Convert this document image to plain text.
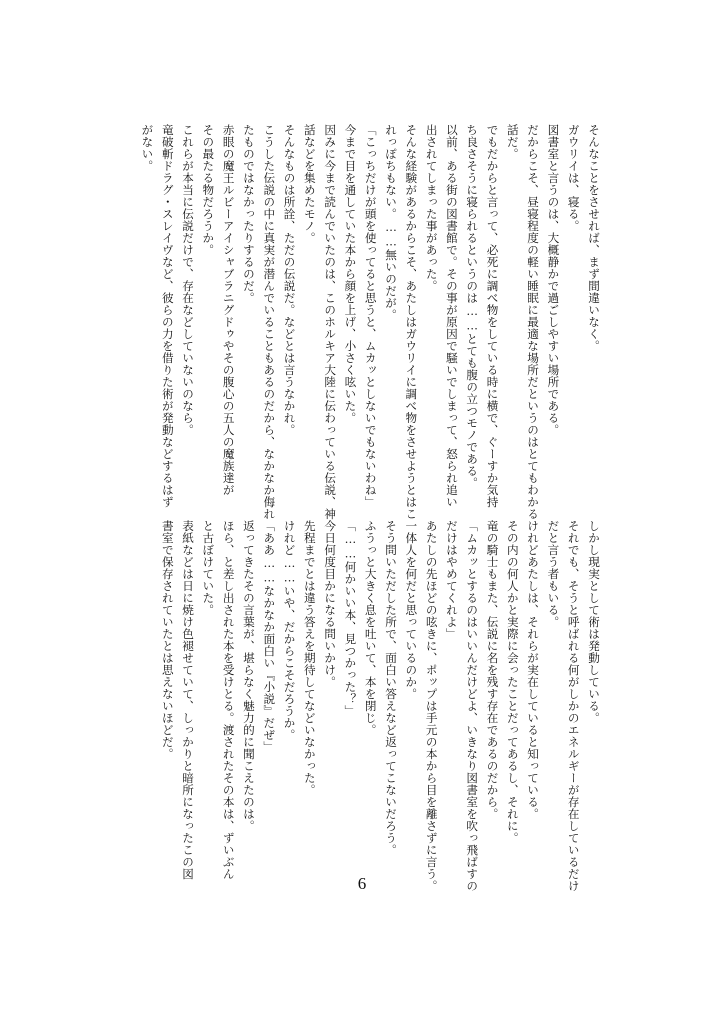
そんなことをさせれば、まず間違いなく。
ガウリイは、寝る。
図書室と言うのは、大概静かで過ごしやすい場所である。
だからこそ、昼寝程度の軽い睡眠に最適な場所だというのはとてもわかる
話だ。
でもだからと言って、必死に調べ物をしている時に横で、ぐーすか気持
ち良さそうに寝られるというのは……とても腹の立つモノである。
以前、ある街の図書館で。その事が原因で騒いでしまって、怒られ追い
出されてしまった事があった。
そんな経験があるからこそ、あたしはガウリイに調べ物をさせようとはこ
れっぽちもない。……無いのだが。
「こっちだけが頭を使ってると思うと、ムカッとしないでもないわね」
今まで目を通していた本から顔を上げ、小さく呟いた。
因みに今まで読んでいたのは、このホルキア大陸に伝わっている伝説、神
話などを集めたモノ。
そんなものは所詮、ただの伝説だ。などとは言うなかれ。
こうした伝説の中に真実が潜んでいることもあるのだから、なかなか侮れ
たものではなかったりするのだ。
赤眼の魔王ルビーアイシャブラニグドゥやその腹心の五人の魔族達が
その最たる物だろうか。
これらが本当に伝説だけで、存在などしていないのなら。
竜破斬ドラグ・スレイヴなど、彼らの力を借りた術が発動などするはず
がない。
しかし現実として術は発動している。
それでも、そうと呼ばれる何がしかのエネルギーが存在しているだけ
だと言う者もいる。
けれどあたしは、それらが実在していると知っている。
その内の何人かと実際に会ったことだってあるし、それに。
竜の騎士もまた、伝説に名を残す存在であるのだから。
「ムカッとするのはいいんだけどよ、いきなり図書室を吹っ飛ばすの
だけはやめてくれよ」
あたしの先ほどの呟きに、ポップは手元の本から目を離さずに言う。
一体人を何だと思っているのか。
そう問いただした所で、面白い答えなど返ってこないだろう。
ふうっと大きく息を吐いて、本を閉じ。
「……何かいい本、見つかった？」
今日何度目かになる問いかけ。
先程までとは違う答えを期待してなどいなかった。
けれど……いや、だからこそだろうか。
「ああ……なかなか面白い『小説』だぜ」
返ってきたその言葉が、堪らなく魅力的に聞こえたのは。
ほら、と差し出された本を受けとる。渡されたその本は、ずいぶん
と古ぼけていた。
表紙などは日に焼け色褪せていて、しっかりと暗所になったこの図
書室で保存されていたとは思えないほどだ。
6
